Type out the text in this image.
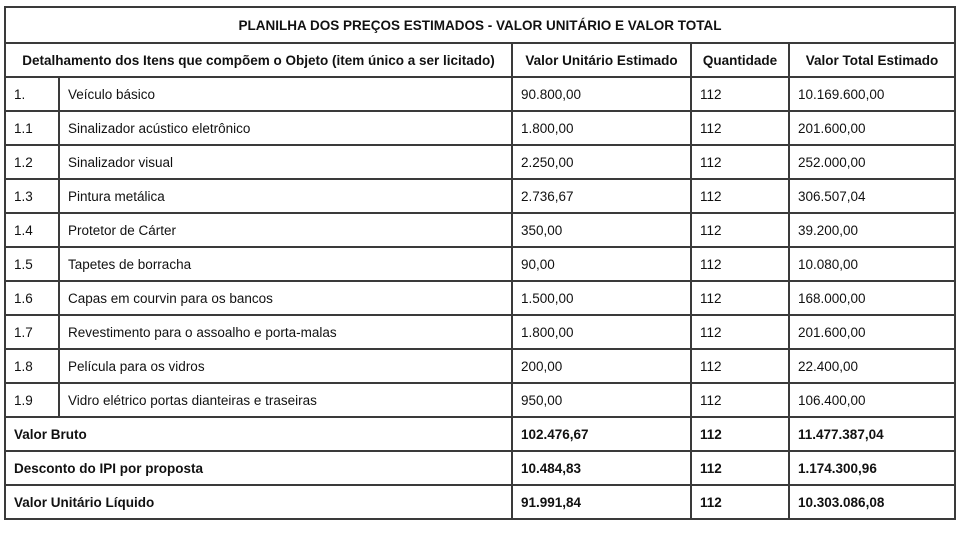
PLANILHA DOS PREÇOS ESTIMADOS - VALOR UNITÁRIO E VALOR TOTAL				
Detalhamento dos Itens que compõem o Objeto (item único a ser licitado)		Valor Unitário Estimado	Quantidade	Valor Total Estimado
1.	Veículo básico	90.800,00	112	10.169.600,00
1.1	Sinalizador acústico eletrônico	1.800,00	112	201.600,00
1.2	Sinalizador visual	2.250,00	112	252.000,00
1.3	Pintura metálica	2.736,67	112	306.507,04
1.4	Protetor de Cárter	350,00	112	39.200,00
1.5	Tapetes de borracha	90,00	112	10.080,00
1.6	Capas em courvin para os bancos	1.500,00	112	168.000,00
1.7	Revestimento para o assoalho e porta-malas	1.800,00	112	201.600,00
1.8	Película para os vidros	200,00	112	22.400,00
1.9	Vidro elétrico portas dianteiras e traseiras	950,00	112	106.400,00
Valor Bruto		102.476,67	112	11.477.387,04
Desconto do IPI por proposta		10.484,83	112	1.174.300,96
Valor Unitário Líquido		91.991,84	112	10.303.086,08
